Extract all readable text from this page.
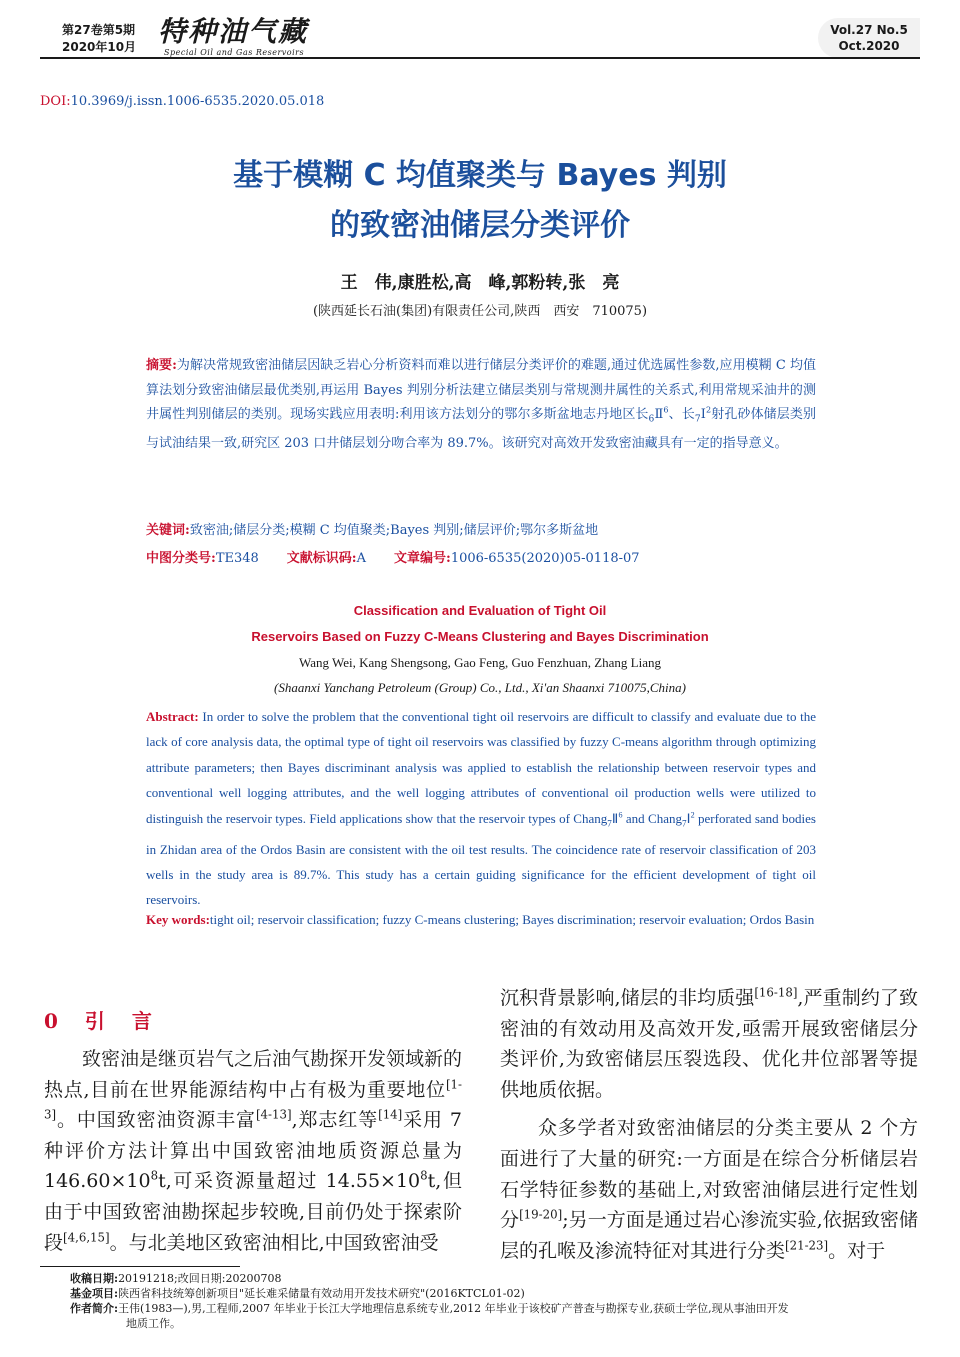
第27卷第5期
2020年10月 特种油气藏
Special Oil and Gas Reservoirs
Vol.27 No.5
Oct.2020
DOI:10.3969/j.issn.1006-6535.2020.05.018
基于模糊 C 均值聚类与 Bayes 判别
的致密油储层分类评价
王　伟,康胜松,高　峰,郭粉转,张　亮
(陕西延长石油(集团)有限责任公司,陕西　西安　710075)
摘要:为解决常规致密油储层因缺乏岩心分析资料而难以进行储层分类评价的难题,通过优选属性参数,应用模糊 C 均值算法划分致密油储层最优类别,再运用 Bayes 判别分析法建立储层类别与常规测井属性的关系式,利用常规采油井的测井属性判别储层的类别。现场实践应用表明:利用该方法划分的鄂尔多斯盆地志丹地区长$_6$Ⅱ$^6$、长$_7$Ⅰ$^2$射孔砂体储层类别与试油结果一致,研究区 203 口井储层划分吻合率为 89.7%。该研究对高效开发致密油藏具有一定的指导意义。
关键词:致密油;储层分类;模糊 C 均值聚类;Bayes 判别;储层评价;鄂尔多斯盆地
中图分类号:TE348 文献标识码:A 文章编号:1006-6535(2020)05-0118-07
Classification and Evaluation of Tight Oil
Reservoirs Based on Fuzzy C-Means Clustering and Bayes Discrimination
Wang Wei, Kang Shengsong, Gao Feng, Guo Fenzhuan, Zhang Liang
(Shaanxi Yanchang Petroleum (Group) Co., Ltd., Xi'an Shaanxi 710075,China)
Abstract: In order to solve the problem that the conventional tight oil reservoirs are difficult to classify and evaluate due to the lack of core analysis data, the optimal type of tight oil reservoirs was classified by fuzzy C-means algorithm through optimizing attribute parameters; then Bayes discriminant analysis was applied to establish the relationship between reservoir types and conventional well logging attributes, and the well logging attributes of conventional oil production wells were utilized to distinguish the reservoir types. Field applications show that the reservoir types of Chang$_7$Ⅱ$^6$ and Chang$_7$Ⅰ$^2$ perforated sand bodies in Zhidan area of the Ordos Basin are consistent with the oil test results. The coincidence rate of reservoir classification of 203 wells in the study area is 89.7%. This study has a certain guiding significance for the efficient development of tight oil reservoirs.
Key words:tight oil; reservoir classification; fuzzy C-means clustering; Bayes discrimination; reservoir evaluation; Ordos Basin
0 引 言

致密油是继页岩气之后油气勘探开发领域新的热点,目前在世界能源结构中占有极为重要地位[1-3]。中国致密油资源丰富[4-13],郑志红等[14]采用 7 种评价方法计算出中国致密油地质资源总量为 $146.60\times 10^8t$,可采资源量超过 $14.55\times 10^8t$,但由于中国致密油勘探起步较晚,目前仍处于探索阶段[4,6,15]。与北美地区致密油相比,中国致密油受

沉积背景影响,储层的非均质强[16-18],严重制约了致密油的有效动用及高效开发,亟需开展致密储层分类评价,为致密储层压裂选段、优化井位部署等提供地质依据。

众多学者对致密油储层的分类主要从 2 个方面进行了大量的研究:一方面是在综合分析储层岩石学特征参数的基础上,对致密油储层进行定性划分[19-20];另一方面是通过岩心渗流实验,依据致密储层的孔喉及渗流特征对其进行分类[21-23]。对于

收稿日期:20191218;改回日期:20200708
基金项目:陕西省科技统筹创新项目"延长难采储量有效动用开发技术研究"(2016KTCL01-02)
作者简介:王伟(1983—),男,工程师,2007 年毕业于长江大学地理信息系统专业,2012 年毕业于该校矿产普查与勘探专业,获硕士学位,现从事油田开发
地质工作。
